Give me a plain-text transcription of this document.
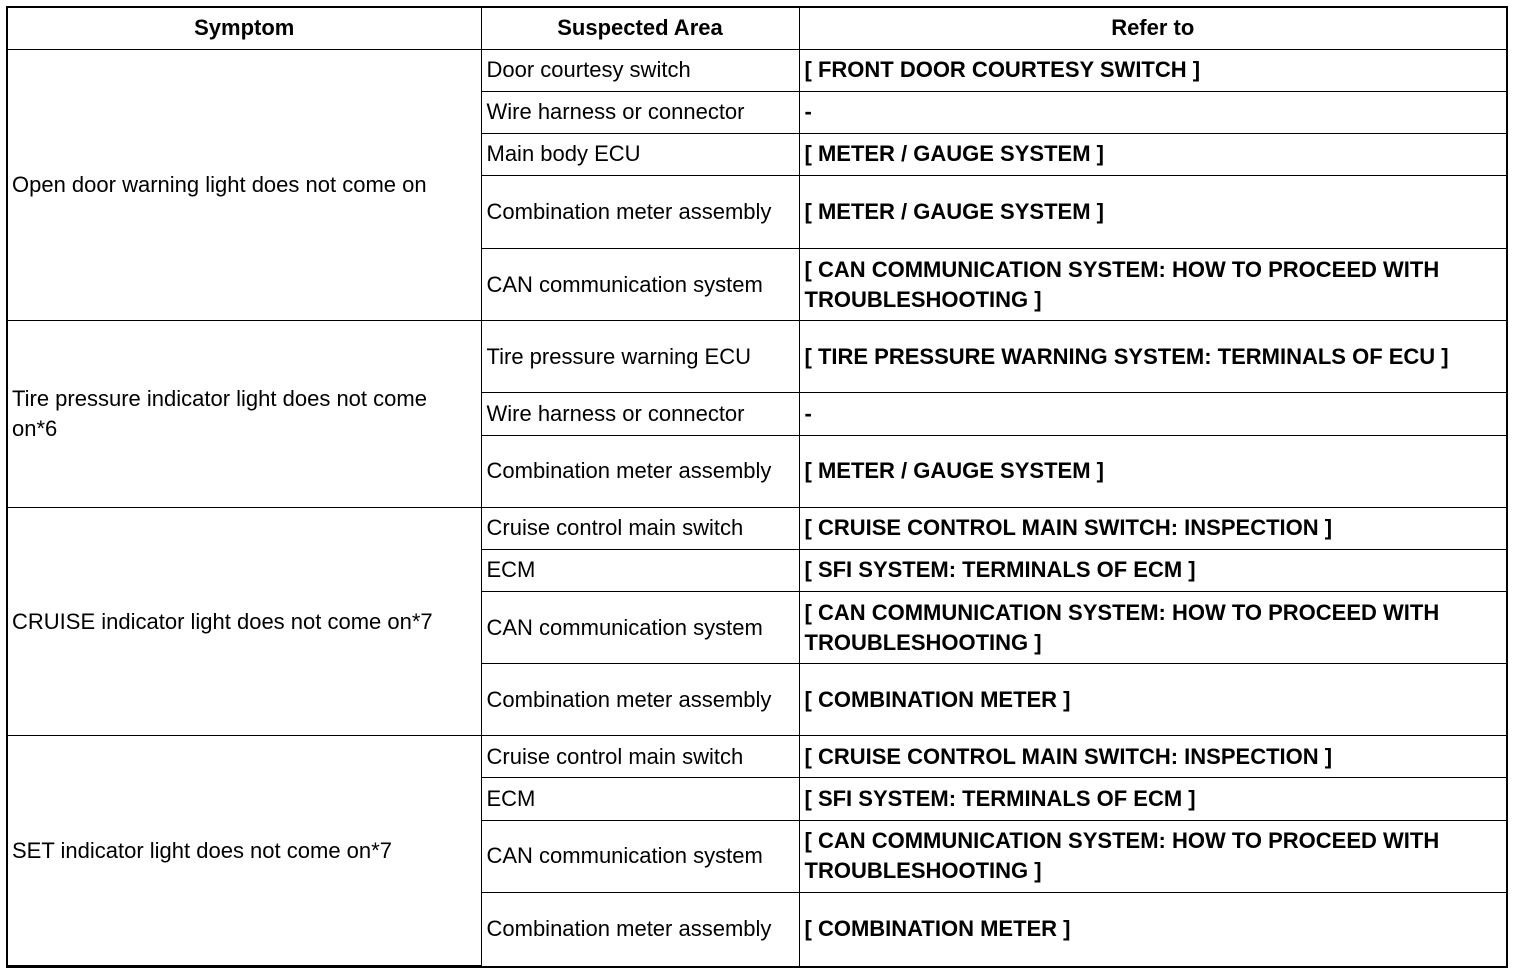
Symptom	Suspected Area	Refer to
Open door warning light does not come on	Door courtesy switch	[ FRONT DOOR COURTESY SWITCH ]
	Wire harness or connector	-
	Main body ECU	[ METER / GAUGE SYSTEM ]
	Combination meter assembly	[ METER / GAUGE SYSTEM ]
	CAN communication system	[ CAN COMMUNICATION SYSTEM: HOW TO PROCEED WITH TROUBLESHOOTING ]
Tire pressure indicator light does not come on*6	Tire pressure warning ECU	[ TIRE PRESSURE WARNING SYSTEM: TERMINALS OF ECU ]
	Wire harness or connector	-
	Combination meter assembly	[ METER / GAUGE SYSTEM ]
CRUISE indicator light does not come on*7	Cruise control main switch	[ CRUISE CONTROL MAIN SWITCH: INSPECTION ]
	ECM	[ SFI SYSTEM: TERMINALS OF ECM ]
	CAN communication system	[ CAN COMMUNICATION SYSTEM: HOW TO PROCEED WITH TROUBLESHOOTING ]
	Combination meter assembly	[ COMBINATION METER ]
SET indicator light does not come on*7	Cruise control main switch	[ CRUISE CONTROL MAIN SWITCH: INSPECTION ]
	ECM	[ SFI SYSTEM: TERMINALS OF ECM ]
	CAN communication system	[ CAN COMMUNICATION SYSTEM: HOW TO PROCEED WITH TROUBLESHOOTING ]
	Combination meter assembly	[ COMBINATION METER ]
